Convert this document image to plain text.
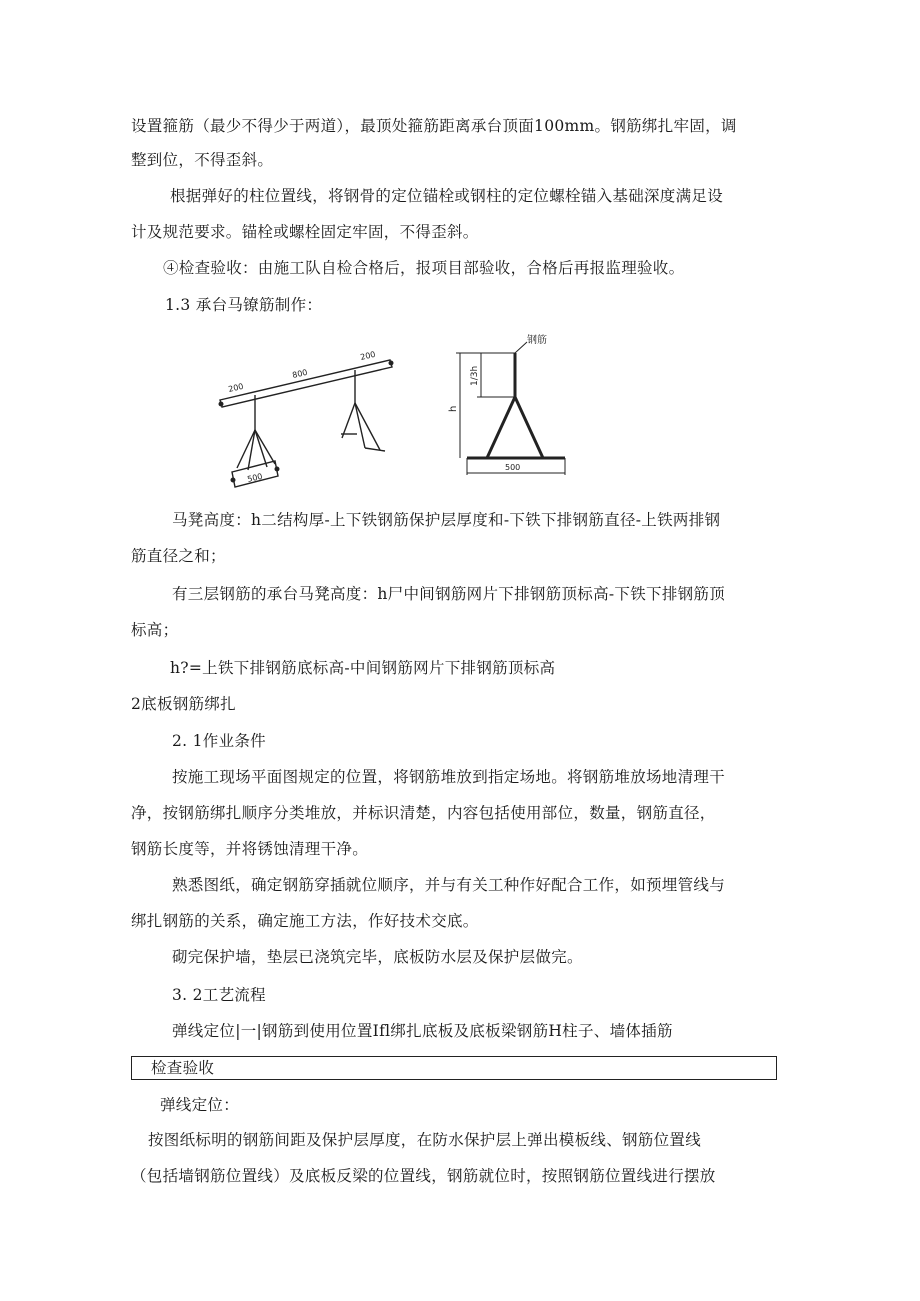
设置箍筋（最少不得少于两道），最顶处箍筋距离承台顶面100mm。钢筋绑扎牢固，调
整到位，不得歪斜。
根据弹好的柱位置线，将钢骨的定位锚栓或钢柱的定位螺栓锚入基础深度满足设
计及规范要求。锚栓或螺栓固定牢固，不得歪斜。
④检查验收：由施工队自检合格后，报项目部验收，合格后再报监理验收。
1.3 承台马镣筋制作：
200
800
200
500
钢筋
1/3h
h
500
马凳高度：h二结构厚-上下铁钢筋保护层厚度和-下铁下排钢筋直径-上铁两排钢
筋直径之和；
有三层钢筋的承台马凳高度：h尸中间钢筋网片下排钢筋顶标高-下铁下排钢筋顶
标高；
h?=上铁下排钢筋底标高-中间钢筋网片下排钢筋顶标高
2底板钢筋绑扎
2. 1作业条件
按施工现场平面图规定的位置，将钢筋堆放到指定场地。将钢筋堆放场地清理干
净，按钢筋绑扎顺序分类堆放，并标识清楚，内容包括使用部位，数量，钢筋直径，
钢筋长度等，并将锈蚀清理干净。
熟悉图纸，确定钢筋穿插就位顺序，并与有关工种作好配合工作，如预埋管线与
绑扎钢筋的关系，确定施工方法，作好技术交底。
砌完保护墙，垫层已浇筑完毕，底板防水层及保护层做完。
3. 2工艺流程
弹线定位|一|钢筋到使用位置Ifl绑扎底板及底板梁钢筋H柱子、墙体插筋
检查验收
弹线定位：
按图纸标明的钢筋间距及保护层厚度，在防水保护层上弹出模板线、钢筋位置线
（包括墙钢筋位置线）及底板反梁的位置线，钢筋就位时，按照钢筋位置线进行摆放
